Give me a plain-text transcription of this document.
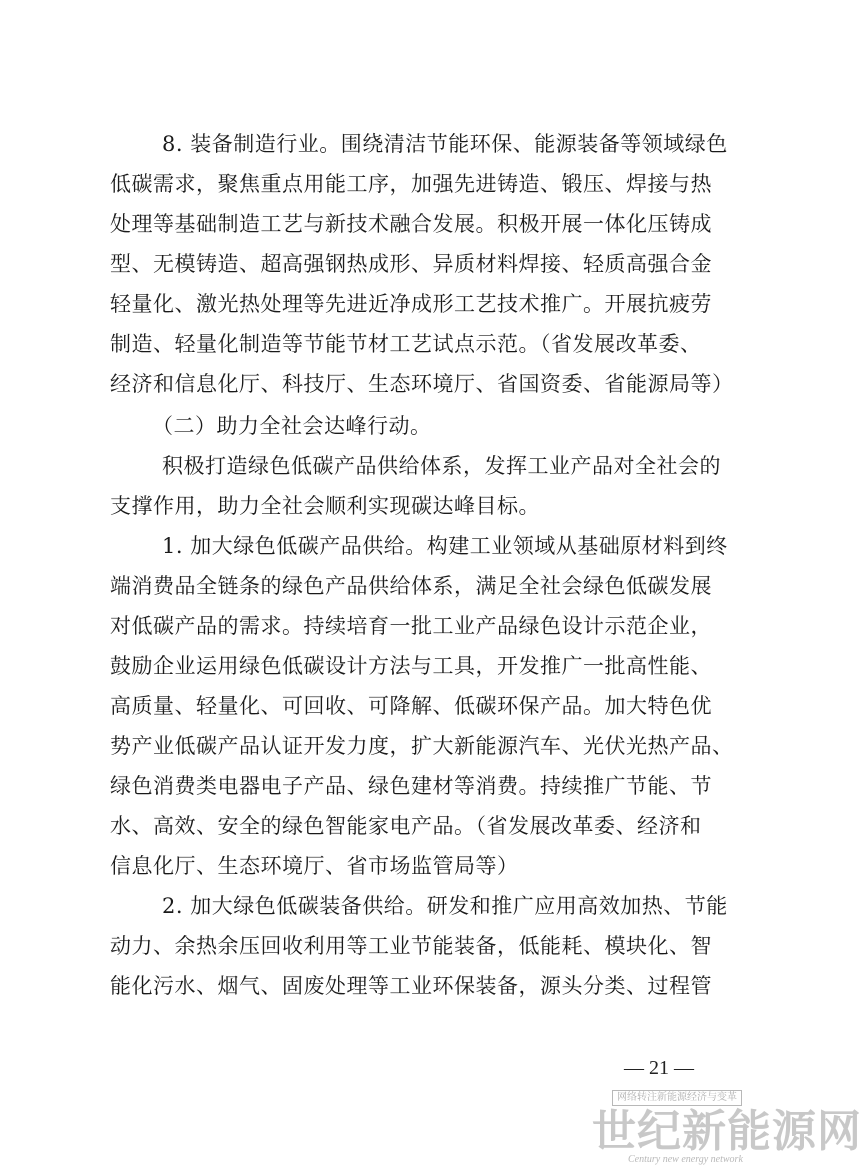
8. 装备制造行业。围绕清洁节能环保、能源装备等领域绿色

低碳需求，聚焦重点用能工序，加强先进铸造、锻压、焊接与热

处理等基础制造工艺与新技术融合发展。积极开展一体化压铸成

型、无模铸造、超高强钢热成形、异质材料焊接、轻质高强合金

轻量化、激光热处理等先进近净成形工艺技术推广。开展抗疲劳

制造、轻量化制造等节能节材工艺试点示范。（省发展改革委、

经济和信息化厅、科技厅、生态环境厅、省国资委、省能源局等）

（二）助力全社会达峰行动。

积极打造绿色低碳产品供给体系，发挥工业产品对全社会的

支撑作用，助力全社会顺利实现碳达峰目标。

1. 加大绿色低碳产品供给。构建工业领域从基础原材料到终

端消费品全链条的绿色产品供给体系，满足全社会绿色低碳发展

对低碳产品的需求。持续培育一批工业产品绿色设计示范企业，

鼓励企业运用绿色低碳设计方法与工具，开发推广一批高性能、

高质量、轻量化、可回收、可降解、低碳环保产品。加大特色优

势产业低碳产品认证开发力度，扩大新能源汽车、光伏光热产品、

绿色消费类电器电子产品、绿色建材等消费。持续推广节能、节

水、高效、安全的绿色智能家电产品。（省发展改革委、经济和

信息化厅、生态环境厅、省市场监管局等）

2. 加大绿色低碳装备供给。研发和推广应用高效加热、节能

动力、余热余压回收利用等工业节能装备，低能耗、模块化、智

能化污水、烟气、固废处理等工业环保装备，源头分类、过程管

— 21 —
网络转注新能源经济与变革
世纪新能源网
Century new energy network
